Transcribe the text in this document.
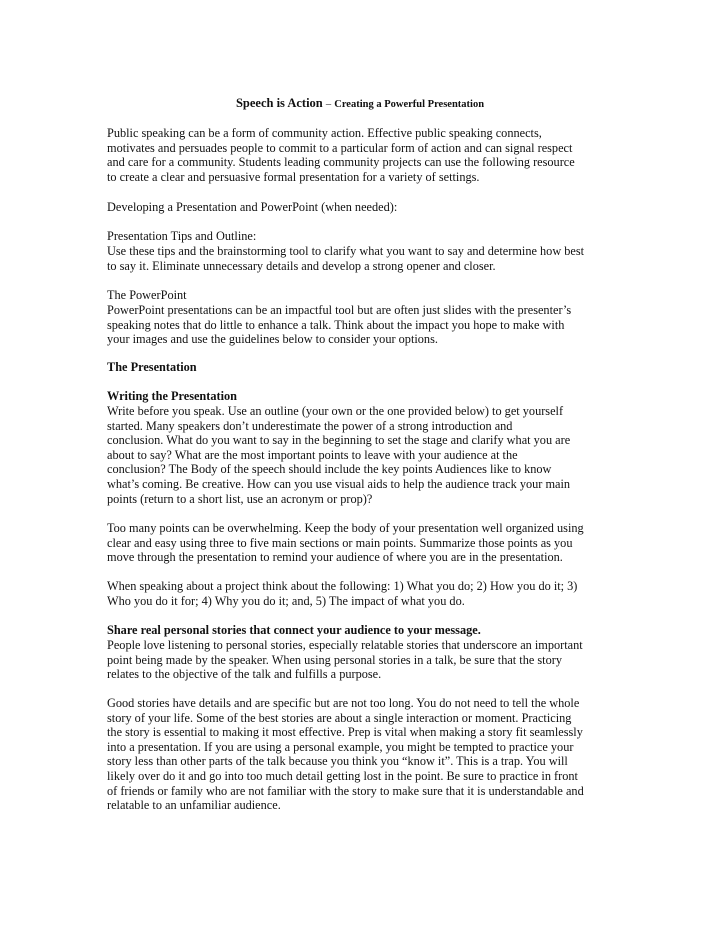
Speech is Action – Creating a Powerful Presentation
Public speaking can be a form of community action. Effective public speaking connects,
motivates and persuades people to commit to a particular form of action and can signal respect
and care for a community. Students leading community projects can use the following resource
to create a clear and persuasive formal presentation for a variety of settings.
Developing a Presentation and PowerPoint (when needed):
Presentation Tips and Outline:
Use these tips and the brainstorming tool to clarify what you want to say and determine how best
to say it. Eliminate unnecessary details and develop a strong opener and closer.
The PowerPoint
PowerPoint presentations can be an impactful tool but are often just slides with the presenter’s
speaking notes that do little to enhance a talk. Think about the impact you hope to make with
your images and use the guidelines below to consider your options.
The Presentation
Writing the Presentation
Write before you speak. Use an outline (your own or the one provided below) to get yourself
started. Many speakers don’t underestimate the power of a strong introduction and
conclusion. What do you want to say in the beginning to set the stage and clarify what you are
about to say? What are the most important points to leave with your audience at the
conclusion? The Body of the speech should include the key points Audiences like to know
what’s coming. Be creative. How can you use visual aids to help the audience track your main
points (return to a short list, use an acronym or prop)?
Too many points can be overwhelming. Keep the body of your presentation well organized using
clear and easy using three to five main sections or main points. Summarize those points as you
move through the presentation to remind your audience of where you are in the presentation.
When speaking about a project think about the following: 1) What you do; 2) How you do it; 3)
Who you do it for; 4) Why you do it; and, 5) The impact of what you do.
Share real personal stories that connect your audience to your message.
People love listening to personal stories, especially relatable stories that underscore an important
point being made by the speaker. When using personal stories in a talk, be sure that the story
relates to the objective of the talk and fulfills a purpose.
Good stories have details and are specific but are not too long. You do not need to tell the whole
story of your life. Some of the best stories are about a single interaction or moment. Practicing
the story is essential to making it most effective. Prep is vital when making a story fit seamlessly
into a presentation. If you are using a personal example, you might be tempted to practice your
story less than other parts of the talk because you think you “know it”. This is a trap. You will
likely over do it and go into too much detail getting lost in the point. Be sure to practice in front
of friends or family who are not familiar with the story to make sure that it is understandable and
relatable to an unfamiliar audience.
